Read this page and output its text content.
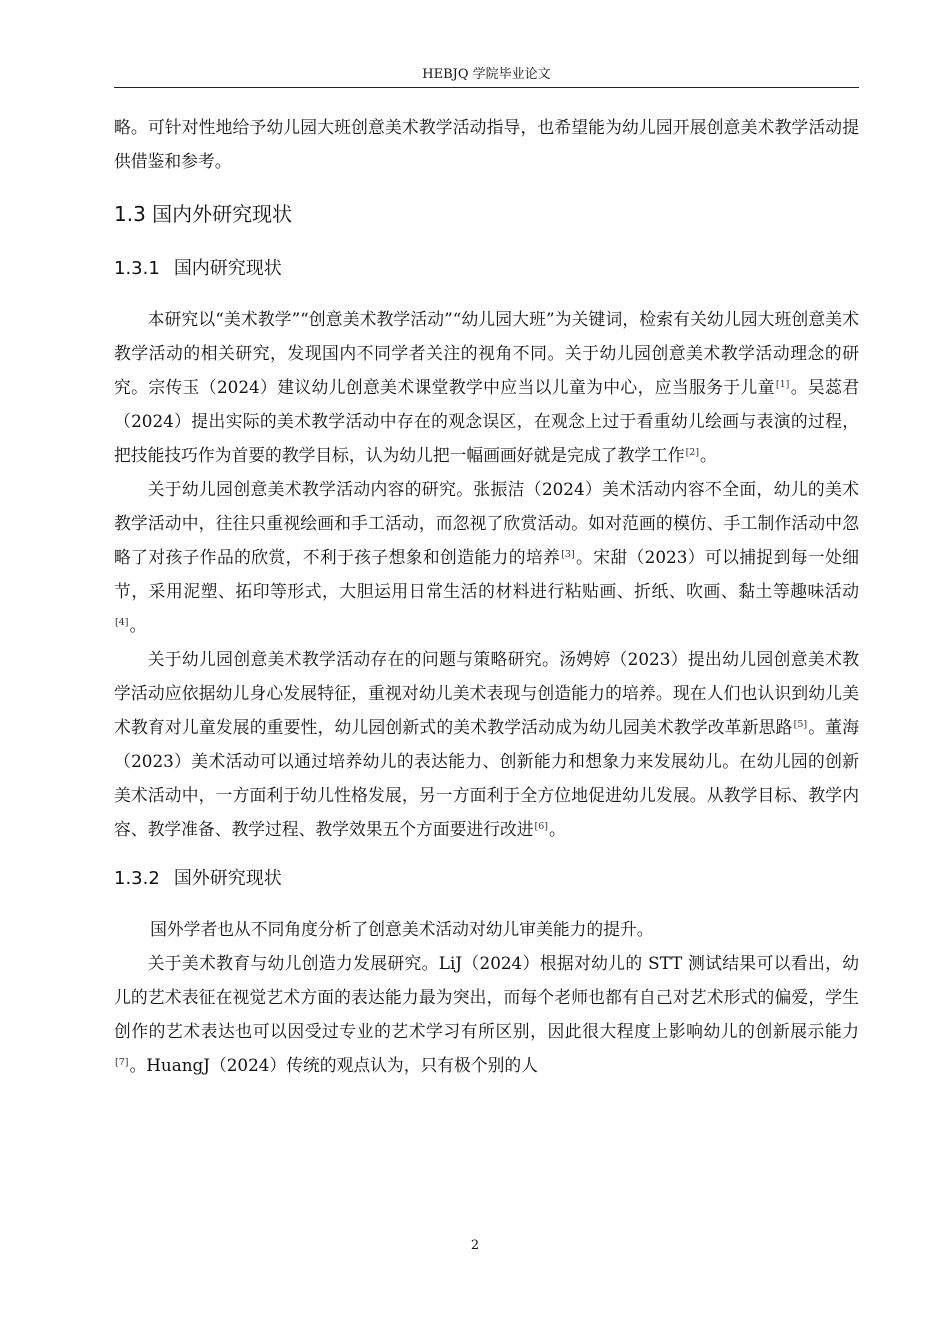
HEBJQ 学院毕业论文

略。可针对性地给予幼儿园大班创意美术教学活动指导，也希望能为幼儿园开展创意美术教学活动提供借鉴和参考。

1.3 国内外研究现状
1.3.1 国内研究现状

本研究以“美术教学”“创意美术教学活动”“幼儿园大班”为关键词，检索有关幼儿园大班创意美术教学活动的相关研究，发现国内不同学者关注的视角不同。关于幼儿园创意美术教学活动理念的研究。宗传玉（2024）建议幼儿创意美术课堂教学中应当以儿童为中心，应当服务于儿童[1]。吴蕊君（2024）提出实际的美术教学活动中存在的观念误区，在观念上过于看重幼儿绘画与表演的过程，把技能技巧作为首要的教学目标，认为幼儿把一幅画画好就是完成了教学工作[2]。

关于幼儿园创意美术教学活动内容的研究。张振洁（2024）美术活动内容不全面，幼儿的美术教学活动中，往往只重视绘画和手工活动，而忽视了欣赏活动。如对范画的模仿、手工制作活动中忽略了对孩子作品的欣赏，不利于孩子想象和创造能力的培养[3]。宋甜（2023）可以捕捉到每一处细节，采用泥塑、拓印等形式，大胆运用日常生活的材料进行粘贴画、折纸、吹画、黏土等趣味活动[4]。

关于幼儿园创意美术教学活动存在的问题与策略研究。汤娉婷（2023）提出幼儿园创意美术教学活动应依据幼儿身心发展特征，重视对幼儿美术表现与创造能力的培养。现在人们也认识到幼儿美术教育对儿童发展的重要性，幼儿园创新式的美术教学活动成为幼儿园美术教学改革新思路[5]。董海（2023）美术活动可以通过培养幼儿的表达能力、创新能力和想象力来发展幼儿。在幼儿园的创新美术活动中，一方面利于幼儿性格发展，另一方面利于全方位地促进幼儿发展。从教学目标、教学内容、教学准备、教学过程、教学效果五个方面要进行改进[6]。

1.3.2 国外研究现状

国外学者也从不同角度分析了创意美术活动对幼儿审美能力的提升。

关于美术教育与幼儿创造力发展研究。LiJ（2024）根据对幼儿的 STT 测试结果可以看出，幼儿的艺术表征在视觉艺术方面的表达能力最为突出，而每个老师也都有自己对艺术形式的偏爱，学生创作的艺术表达也可以因受过专业的艺术学习有所区别，因此很大程度上影响幼儿的创新展示能力[7]。HuangJ（2024）传统的观点认为，只有极个别的人

2
